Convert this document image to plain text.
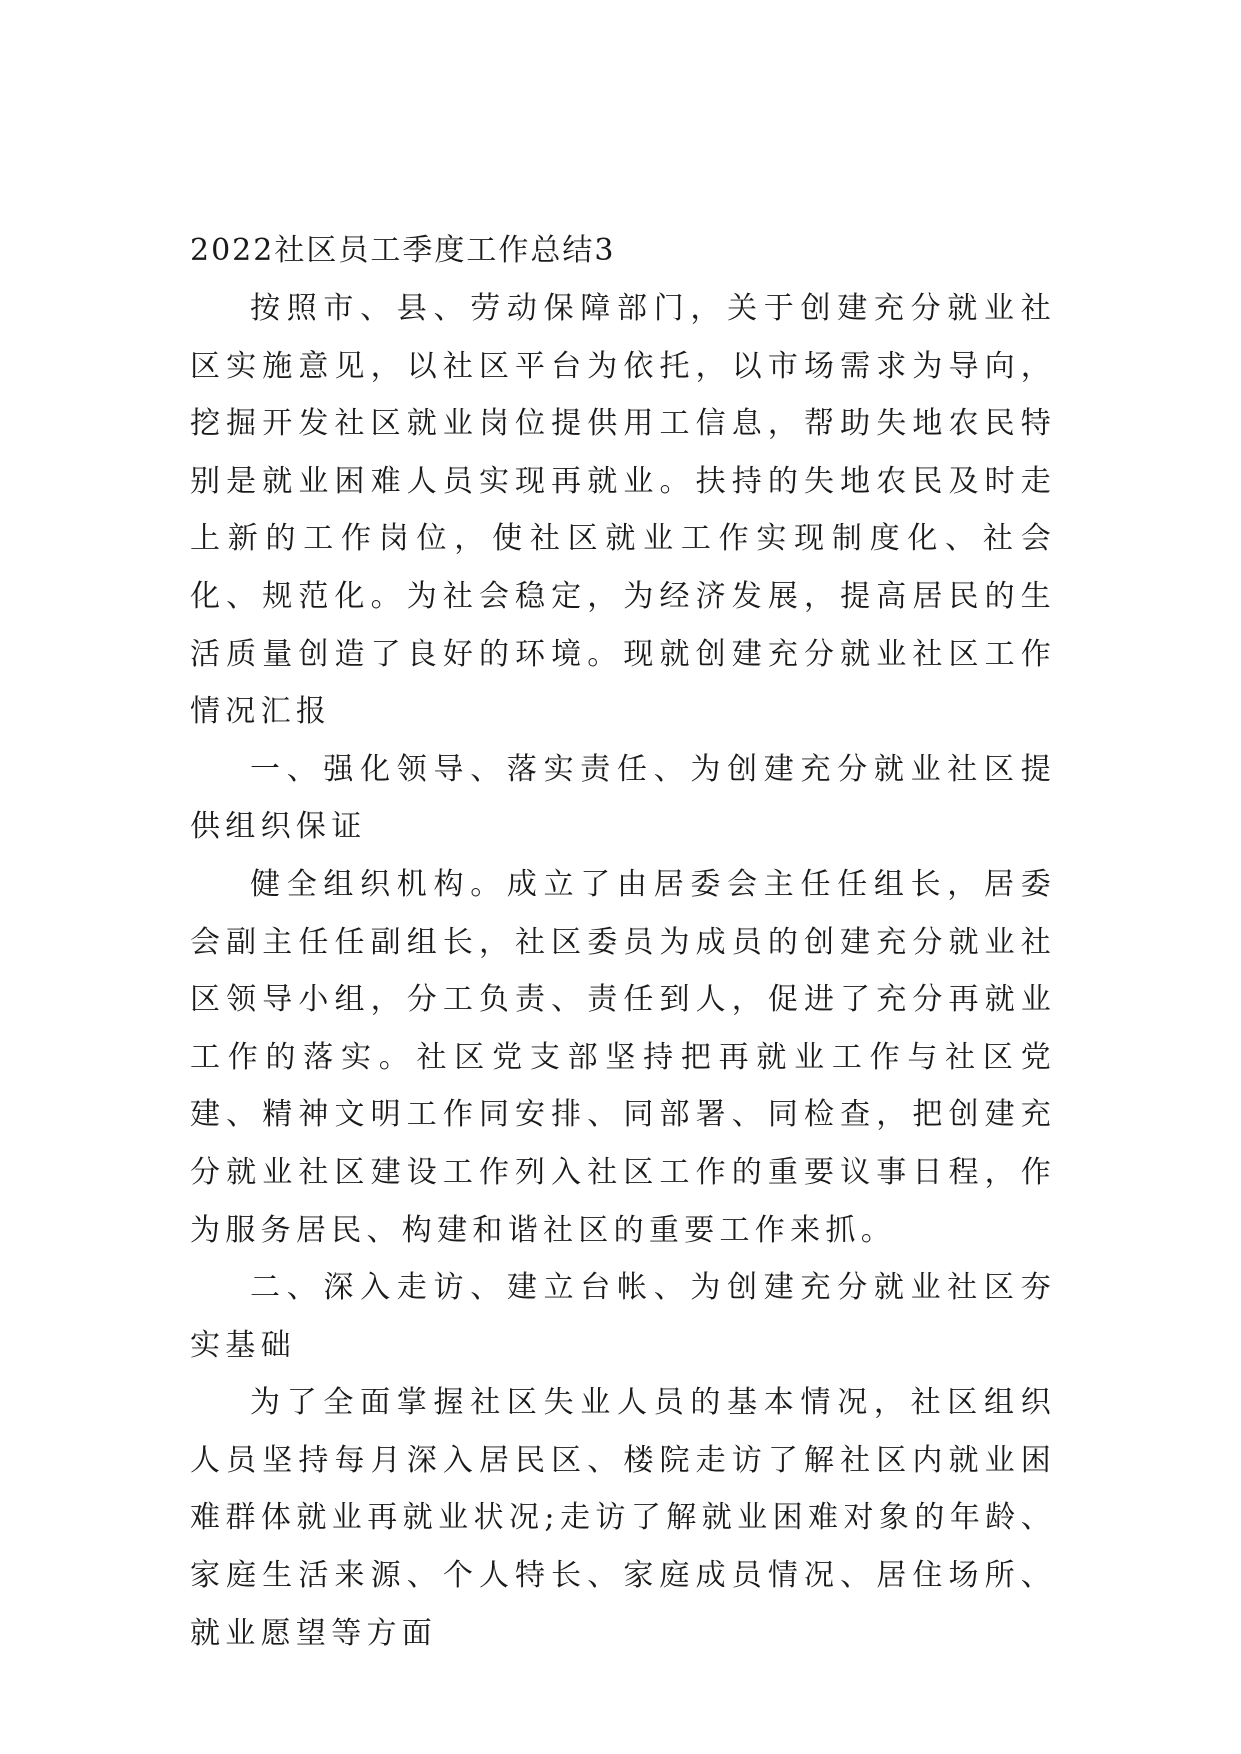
2022社区员工季度工作总结3

按照市、县、劳动保障部门，关于创建充分就业社区实施意见，以社区平台为依托，以市场需求为导向，挖掘开发社区就业岗位提供用工信息，帮助失地农民特别是就业困难人员实现再就业。扶持的失地农民及时走上新的工作岗位，使社区就业工作实现制度化、社会化、规范化。为社会稳定，为经济发展，提高居民的生活质量创造了良好的环境。现就创建充分就业社区工作情况汇报

一、强化领导、落实责任、为创建充分就业社区提供组织保证

健全组织机构。成立了由居委会主任任组长，居委会副主任任副组长，社区委员为成员的创建充分就业社区领导小组，分工负责、责任到人，促进了充分再就业工作的落实。社区党支部坚持把再就业工作与社区党建、精神文明工作同安排、同部署、同检查，把创建充分就业社区建设工作列入社区工作的重要议事日程，作为服务居民、构建和谐社区的重要工作来抓。

二、深入走访、建立台帐、为创建充分就业社区夯实基础

为了全面掌握社区失业人员的基本情况，社区组织人员坚持每月深入居民区、楼院走访了解社区内就业困难群体就业再就业状况;走访了解就业困难对象的年龄、家庭生活来源、个人特长、家庭成员情况、居住场所、就业愿望等方面
